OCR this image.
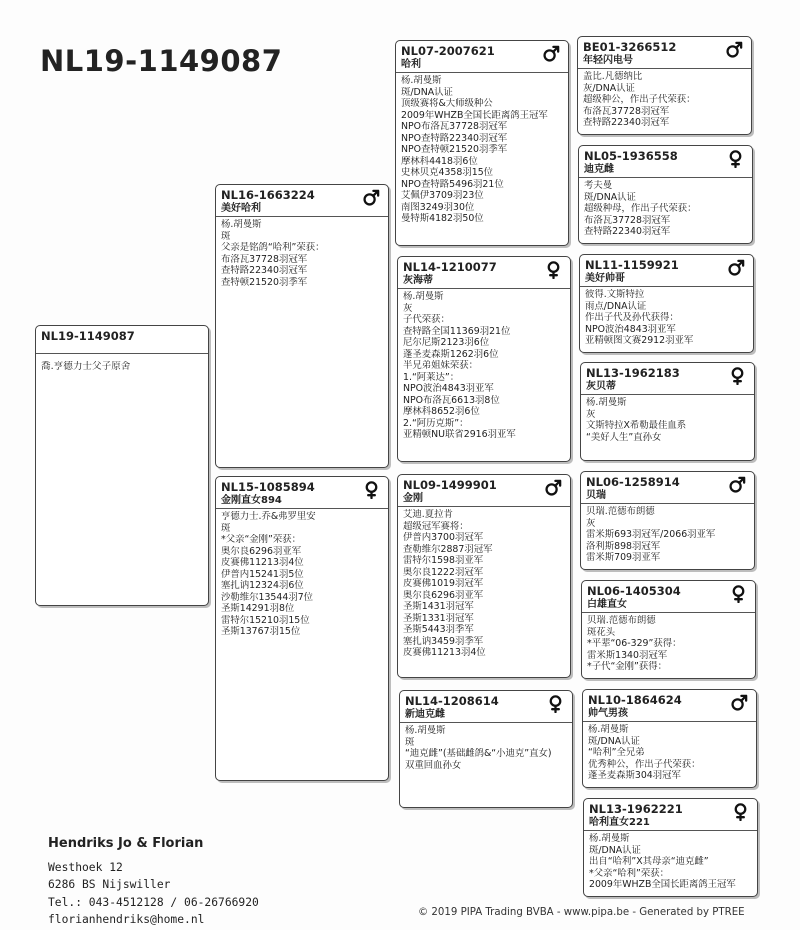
NL19-1149087
NL19-1149087
喬.亨德力士父子原舍
NL16-1663224
美好哈利
杨.胡曼斯
斑
父亲是铭鸽“哈利”荣获：
布洛瓦37728羽冠军
查特路22340羽冠军
查特顿21520羽季军
NL15-1085894
金刚直女894
亨德力士.乔&弗罗里安
斑
*父亲“金刚”荣获：
奥尔良6296羽亚军
皮赛佛11213羽4位
伊普内15241羽5位
塞扎讷12324羽6位
沙勒维尔13544羽7位
圣斯14291羽8位
雷特尔15210羽15位
圣斯13767羽15位
NL07-2007621
哈利
杨.胡曼斯
斑/DNA认证
顶级赛将&大师级种公
2009年WHZB全国长距离鸽王冠军
NPO布洛瓦37728羽冠军
NPO查特路22340羽冠军
NPO查特顿21520羽季军
摩林科4418羽6位
史林贝克4358羽15位
NPO查特路5496羽21位
艾佩伊3709羽23位
南图3249羽30位
曼特斯4182羽50位
NL14-1210077
灰海蒂
杨.胡曼斯
灰
子代荣获：
查特路全国11369羽21位
尼尔尼斯2123羽6位
蓬圣麦森斯1262羽6位
半兄弟姐妹荣获：
1.“阿莱达”：
NPO波治4843羽亚军
NPO布洛瓦6613羽8位
摩林科8652羽6位
2.“阿历克斯”：
亚精顿NU联省2916羽亚军
NL09-1499901
金刚
艾迪.夏拉肯
超级冠军赛将：
伊普内3700羽冠军
查勒维尔2887羽冠军
雷特尔1598羽亚军
奥尔良1222羽冠军
皮赛佛1019羽冠军
奥尔良6296羽亚军
圣斯1431羽冠军
圣斯1331羽冠军
圣斯5443羽季军
塞扎讷3459羽季军
皮赛佛11213羽4位
NL14-1208614
新迪克雌
杨.胡曼斯
斑
“迪克雌”(基础雌鸽&“小迪克”直女)
双重回血孙女
BE01-3266512
年轻闪电号
盖比.凡德纳比
灰/DNA认证
超级种公，作出子代荣获：
布洛瓦37728羽冠军
查特路22340羽冠军
NL05-1936558
迪克雌
考夫曼
斑/DNA认证
超级种母，作出子代荣获：
布洛瓦37728羽冠军
查特路22340羽冠军
NL11-1159921
美好帅哥
彼得.文斯特拉
雨点/DNA认证
作出子代及孙代获得：
NPO波治4843羽亚军
亚精顿图文赛2912羽亚军
NL13-1962183
灰贝蒂
杨.胡曼斯
灰
文斯特拉X希勒最佳血系
“美好人生”直孙女
NL06-1258914
贝瑞
贝瑞.范德布朗德
灰
雷米斯693羽冠军/2066羽亚军
洛利斯898羽冠军
雷米斯709羽亚军
NL06-1405304
白雄直女
贝瑞.范德布朗德
斑花头
*平辈“06-329”获得：
雷米斯1340羽冠军
*子代“金刚”获得：
NL10-1864624
帅气男孩
杨.胡曼斯
斑/DNA认证
“哈利”全兄弟
优秀种公，作出子代荣获：
蓬圣麦森斯304羽冠军
NL13-1962221
哈利直女221
杨.胡曼斯
斑/DNA认证
出自“哈利”X其母亲“迪克雌”
*父亲“哈利”荣获：
2009年WHZB全国长距离鸽王冠军
Hendriks Jo & Florian
Westhoek 12
6286 BS Nijswiller
Tel.: 043-4512128 / 06-26766920
florianhendriks@home.nl
© 2019 PIPA Trading BVBA - www.pipa.be - Generated by PTREE
